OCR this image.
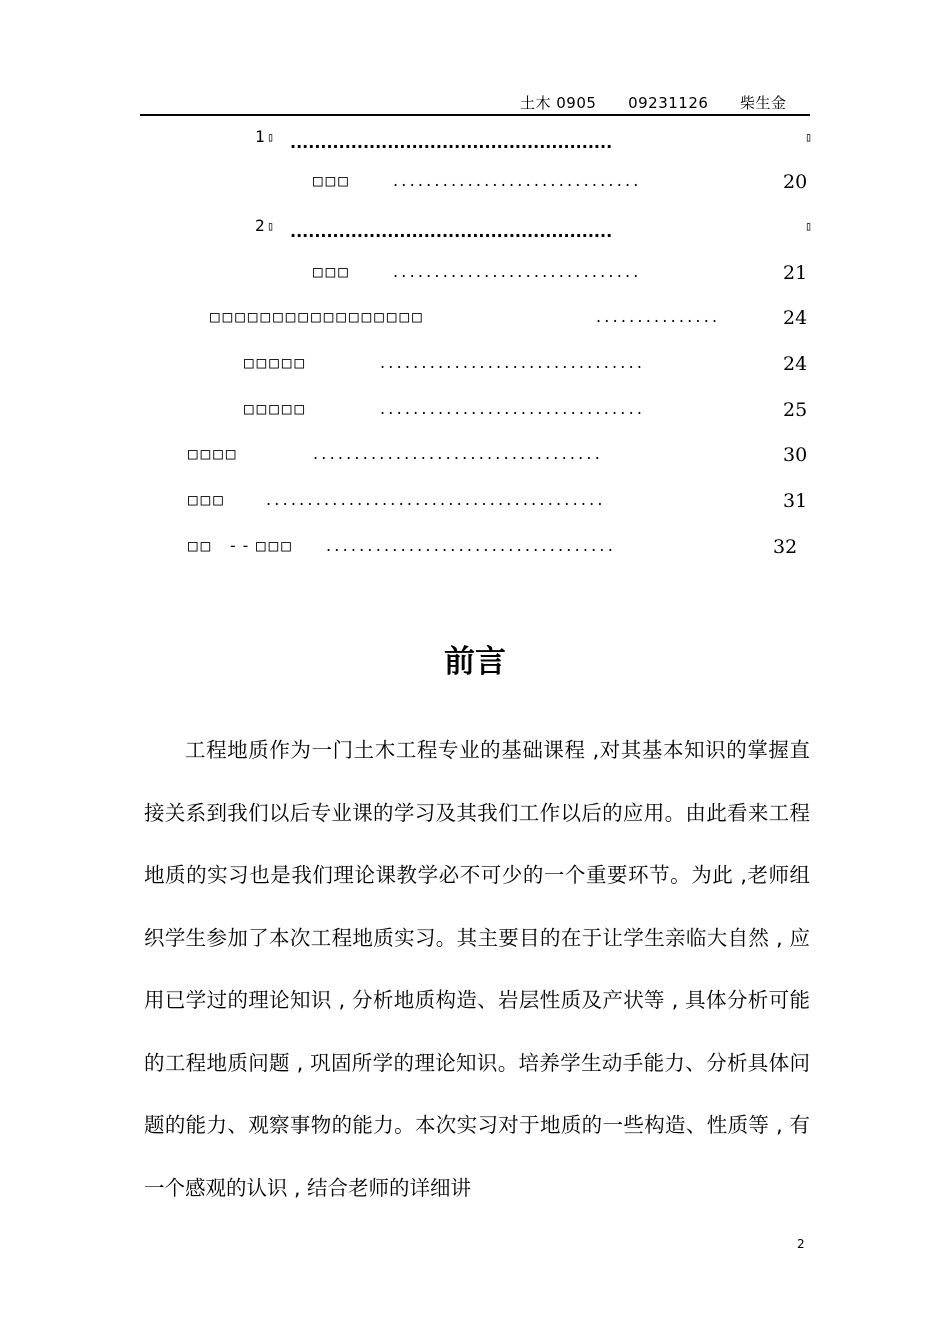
土木 0905 09231126 柴生金
1 ▯ .....................................................	▯
□□□	..............................	20
2 ▯ .....................................................	▯
□□□	..............................	21
□□□□□□□□□□□□□□□□□	...............	24
□□□□□	................................	24
□□□□□	................................	25
□□□□	...................................	30
□□□	.........................................	31
□□ -- □□□ ...................................	32
前言
工程地质作为一门土木工程专业的基础课程 ,对其基本知识的掌握直接关系到我们以后专业课的学习及其我们工作以后的应用。由此看来工程地质的实习也是我们理论课教学必不可少的一个重要环节。为此 ,老师组织学生参加了本次工程地质实习。其主要目的在于让学生亲临大自然 , 应用已学过的理论知识 , 分析地质构造、岩层性质及产状等 , 具体分析可能的工程地质问题 , 巩固所学的理论知识。培养学生动手能力、分析具体问题的能力、观察事物的能力。本次实习对于地质的一些构造、性质等 , 有一个感观的认识 , 结合老师的详细讲
2
